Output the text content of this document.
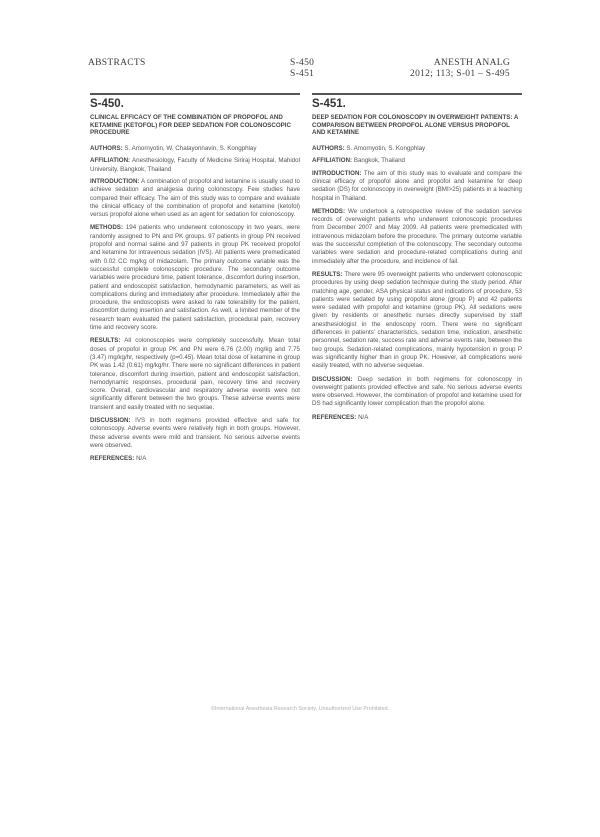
ABSTRACTS	S-450
S-451
ANESTH ANALG
2012; 113; S-01 – S-495
S-450.
CLINICAL EFFICACY OF THE COMBINATION OF PROPOFOL AND KETAMINE (KETOFOL) FOR DEEP SEDATION FOR COLONOSCOPIC PROCEDURE
AUTHORS: S. Amornyotin, W. Chalayonnavin, S. Kongphlay
AFFILIATION: Anesthesiology, Faculty of Medicine Siriraj Hospital, Mahidol University, Bangkok, Thailand

INTRODUCTION: A combination of propofol and ketamine is usually used to achieve sedation and analgesia during colonoscopy. Few studies have compared their efficacy. The aim of this study was to compare and evaluate the clinical efficacy of the combination of propofol and ketamine (ketofol) versus propofol alone when used as an agent for sedation for colonoscopy.

METHODS: 194 patients who underwent colonoscopy in two years, were randomly assigned to PN and PK groups. 97 patients in group PN received propofol and normal saline and 97 patients in group PK received propofol and ketamine for intravenous sedation (IVS). All patients were premedicated with 0.02 CC mg/kg of midazolam. The primary outcome variable was the successful complete colonoscopic procedure. The secondary outcome variables were procedure time, patient tolerance, discomfort during insertion, patient and endoscopist satisfaction, hemodynamic parameters, as well as complications during and immediately after procedure. Immediately after the procedure, the endoscopists were asked to rate tolerability for the patient, discomfort during insertion and satisfaction. As well, a limited member of the research team evaluated the patient satisfaction, procedural pain, recovery time and recovery score.

RESULTS: All colonoscopies were completely successfully. Mean total doses of propofol in group PK and PN were 6.76 (2.00) mg/kg and 7.75 (3.47) mg/kg/hr, respectively (p=0.45). Mean total dose of ketamine in group PK was 1.42 (0.61) mg/kg/hr. There were no significant differences in patient tolerance, discomfort during insertion, patient and endoscopist satisfaction, hemodynamic responses, procedural pain, recovery time and recovery score. Overall, cardiovascular and respiratory adverse events were not significantly different between the two groups. These adverse events were transient and easily treated with no sequelae.

DISCUSSION: IVS in both regimens provided effective and safe for colonoscopy. Adverse events were relatively high in both groups. However, these adverse events were mild and transient. No serious adverse events were observed.

REFERENCES: N/A

S-451.
DEEP SEDATION FOR COLONOSCOPY IN OVERWEIGHT PATIENTS: A COMPARISON BETWEEN PROPOFOL ALONE VERSUS PROPOFOL AND KETAMINE
AUTHORS: S. Amornyotin, S. Kongphlay
AFFILIATION: Bangkok, Thailand

INTRODUCTION: The aim of this study was to evaluate and compare the clinical efficacy of propofol alone and propofol and ketamine for deep sedation (DS) for colonoscopy in overweight (BMI>25) patients in a teaching hospital in Thailand.

METHODS: We undertook a retrospective review of the sedation service records of overweight patients who underwent colonoscopic procedures from December 2007 and May 2009. All patients were premedicated with intravenous midazolam before the procedure. The primary outcome variable was the successful completion of the colonoscopy. The secondary outcome variables were sedation and procedure-related complications during and immediately after the procedure, and incidence of fail.

RESULTS: There were 95 overweight patients who underwent colonoscopic procedures by using deep sedation technique during the study period. After matching age, gender, ASA physical status and indications of procedure, 53 patients were sedated by using propofol alone (group P) and 42 patients were sedated with propofol and ketamine (group PK). All sedations were given by residents or anesthetic nurses directly supervised by staff anesthesiologist in the endoscopy room. There were no significant differences in patients' characteristics, sedation time, indication, anesthetic personnel, sedation rate, success rate and adverse events rate, between the two groups. Sedation-related complications, mainly hypotension in group P was significantly higher than in group PK. However, all complications were easily treated, with no adverse sequelae.

DISCUSSION: Deep sedation in both regimens for colonoscopy in overweight patients provided effective and safe. No serious adverse events were observed. However, the combination of propofol and ketamine used for DS had significantly lower complication than the propofol alone.

REFERENCES: N/A

©International Anesthesia Research Society. Unauthorized Use Prohibited.
